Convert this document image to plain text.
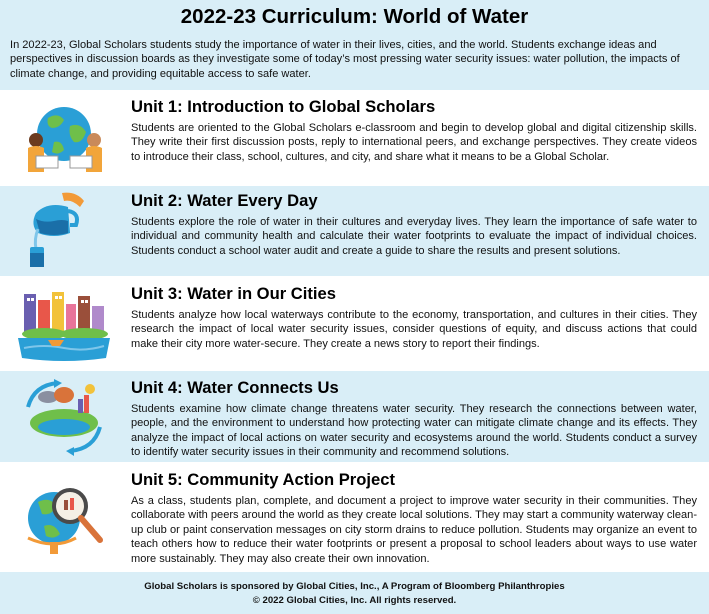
2022-23 Curriculum: World of Water
In 2022-23, Global Scholars students study the importance of water in their lives, cities, and the world. Students exchange ideas and perspectives in discussion boards as they investigate some of today’s most pressing water security issues: water pollution, the impacts of climate change, and providing equitable access to safe water.
Unit 1: Introduction to Global Scholars

Students are oriented to the Global Scholars e-classroom and begin to develop global and digital citizenship skills. They write their first discussion posts, reply to international peers, and exchange perspectives. They create videos to introduce their class, school, cultures, and city, and share what it means to be a Global Scholar.

Unit 2: Water Every Day

Students explore the role of water in their cultures and everyday lives. They learn the importance of safe water to individual and community health and calculate their water footprints to evaluate the impact of individual choices. Students conduct a school water audit and create a guide to share the results and present solutions.

Unit 3: Water in Our Cities

Students analyze how local waterways contribute to the economy, transportation, and cultures in their cities. They research the impact of local water security issues, consider questions of equity, and discuss actions that could make their city more water-secure. They create a news story to report their findings.

Unit 4: Water Connects Us

Students examine how climate change threatens water security. They research the connections between water, people, and the environment to understand how protecting water can mitigate climate change and its effects. They analyze the impact of local actions on water security and ecosystems around the world. Students conduct a survey to identify water security issues in their community and recommend solutions.

Unit 5: Community Action Project

As a class, students plan, complete, and document a project to improve water security in their communities. They collaborate with peers around the world as they create local solutions. They may start a community waterway clean-up club or paint conservation messages on city storm drains to reduce pollution. Students may organize an event to teach others how to reduce their water footprints or present a proposal to school leaders about ways to use water more sustainably. They may also create their own innovation.

Global Scholars is sponsored by Global Cities, Inc., A Program of Bloomberg Philanthropies
© 2022 Global Cities, Inc. All rights reserved.
